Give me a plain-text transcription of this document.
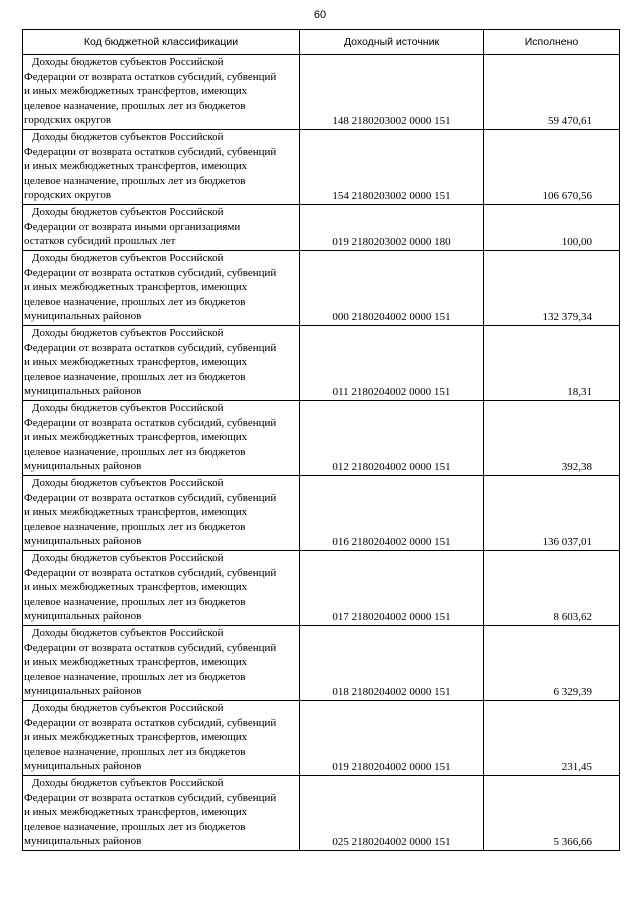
60
Код бюджетной классификации	Доходный источник	Исполнено

Доходы бюджетов субъектов Российской
Федерации от возврата остатков субсидий, субвенций
и иных межбюджетных трансфертов, имеющих
целевое назначение, прошлых лет из бюджетов
городских округов	148 2180203002 0000 151	59 470,61

Доходы бюджетов субъектов Российской
Федерации от возврата остатков субсидий, субвенций
и иных межбюджетных трансфертов, имеющих
целевое назначение, прошлых лет из бюджетов
городских округов	154 2180203002 0000 151	106 670,56

Доходы бюджетов субъектов Российской
Федерации от возврата иными организациями
остатков субсидий прошлых лет	019 2180203002 0000 180	100,00

Доходы бюджетов субъектов Российской
Федерации от возврата остатков субсидий, субвенций
и иных межбюджетных трансфертов, имеющих
целевое назначение, прошлых лет из бюджетов
муниципальных районов	000 2180204002 0000 151	132 379,34

Доходы бюджетов субъектов Российской
Федерации от возврата остатков субсидий, субвенций
и иных межбюджетных трансфертов, имеющих
целевое назначение, прошлых лет из бюджетов
муниципальных районов	011 2180204002 0000 151	18,31

Доходы бюджетов субъектов Российской
Федерации от возврата остатков субсидий, субвенций
и иных межбюджетных трансфертов, имеющих
целевое назначение, прошлых лет из бюджетов
муниципальных районов	012 2180204002 0000 151	392,38

Доходы бюджетов субъектов Российской
Федерации от возврата остатков субсидий, субвенций
и иных межбюджетных трансфертов, имеющих
целевое назначение, прошлых лет из бюджетов
муниципальных районов	016 2180204002 0000 151	136 037,01

Доходы бюджетов субъектов Российской
Федерации от возврата остатков субсидий, субвенций
и иных межбюджетных трансфертов, имеющих
целевое назначение, прошлых лет из бюджетов
муниципальных районов	017 2180204002 0000 151	8 603,62

Доходы бюджетов субъектов Российской
Федерации от возврата остатков субсидий, субвенций
и иных межбюджетных трансфертов, имеющих
целевое назначение, прошлых лет из бюджетов
муниципальных районов	018 2180204002 0000 151	6 329,39

Доходы бюджетов субъектов Российской
Федерации от возврата остатков субсидий, субвенций
и иных межбюджетных трансфертов, имеющих
целевое назначение, прошлых лет из бюджетов
муниципальных районов	019 2180204002 0000 151	231,45

Доходы бюджетов субъектов Российской
Федерации от возврата остатков субсидий, субвенций
и иных межбюджетных трансфертов, имеющих
целевое назначение, прошлых лет из бюджетов
муниципальных районов	025 2180204002 0000 151	5 366,66
